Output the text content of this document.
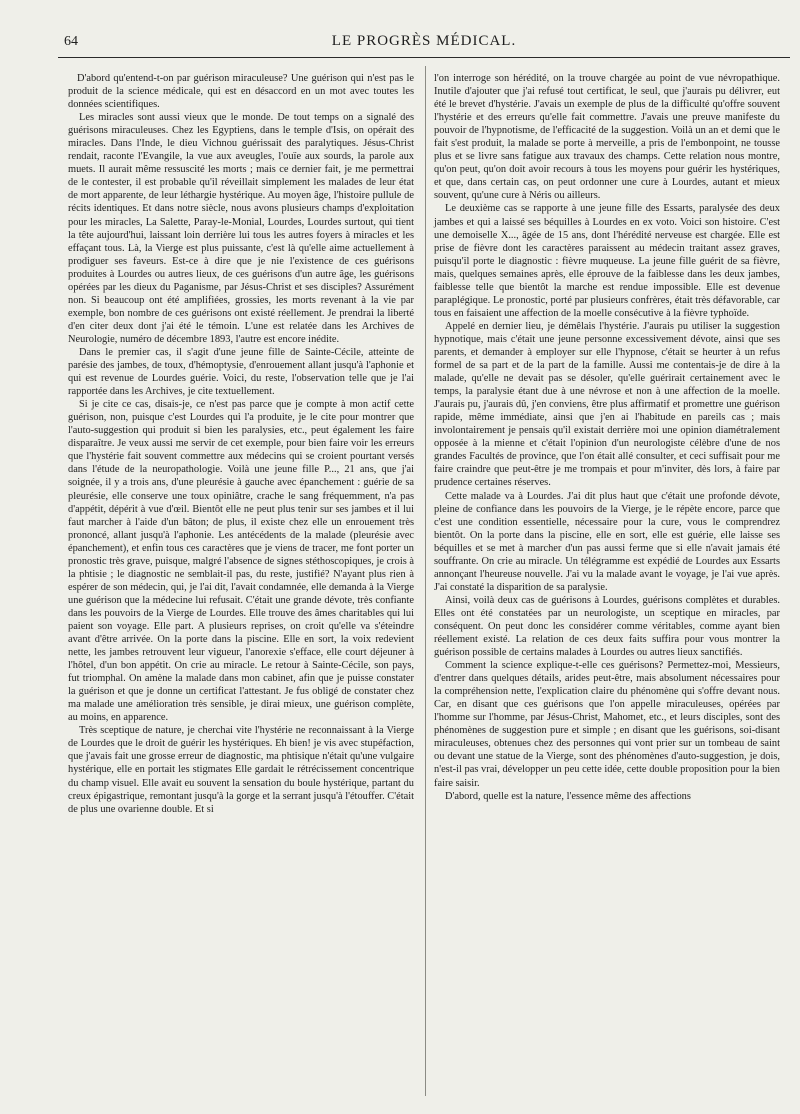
64	LE PROGRÈS MÉDICAL.

D'abord qu'entend-t-on par guérison miraculeuse? Une guérison qui n'est pas le produit de la science médicale, qui est en désaccord en un mot avec toutes les données scientifiques.

Les miracles sont aussi vieux que le monde. De tout temps on a signalé des guérisons miraculeuses. Chez les Egyptiens, dans le temple d'Isis, on opérait des miracles. Dans l'Inde, le dieu Vichnou guérissait des paralytiques. Jésus-Christ rendait, raconte l'Evangile, la vue aux aveugles, l'ouïe aux sourds, la parole aux muets. Il aurait même ressuscité les morts ; mais ce dernier fait, je me permettrai de le contester, il est probable qu'il réveillait simplement les malades de leur état de mort apparente, de leur léthargie hystérique. Au moyen âge, l'histoire pullule de récits identiques. Et dans notre siècle, nous avons plusieurs champs d'exploitation pour les miracles, La Salette, Paray-le-Monial, Lourdes, Lourdes surtout, qui tient la tête aujourd'hui, laissant loin derrière lui tous les autres foyers à miracles et les effaçant tous. Là, la Vierge est plus puissante, c'est là qu'elle aime actuellement à prodiguer ses faveurs. Est-ce à dire que je nie l'existence de ces guérisons produites à Lourdes ou autres lieux, de ces guérisons d'un autre âge, les guérisons opérées par les dieux du Paganisme, par Jésus-Christ et ses disciples? Assurément non. Si beaucoup ont été amplifiées, grossies, les morts revenant à la vie par exemple, bon nombre de ces guérisons ont existé réellement. Je prendrai la liberté d'en citer deux dont j'ai été le témoin. L'une est relatée dans les Archives de Neurologie, numéro de décembre 1893, l'autre est encore inédite.

Dans le premier cas, il s'agit d'une jeune fille de Sainte-Cécile, atteinte de parésie des jambes, de toux, d'hémoptysie, d'enrouement allant jusqu'à l'aphonie et qui est revenue de Lourdes guérie. Voici, du reste, l'observation telle que je l'ai rapportée dans les Archives, je cite textuellement.

Si je cite ce cas, disais-je, ce n'est pas parce que je compte à mon actif cette guérison, non, puisque c'est Lourdes qui l'a produite, je le cite pour montrer que l'auto-suggestion qui produit si bien les paralysies, etc., peut également les faire disparaître. Je veux aussi me servir de cet exemple, pour bien faire voir les erreurs que l'hystérie fait souvent commettre aux médecins qui se croient pourtant versés dans l'étude de la neuropathologie. Voilà une jeune fille P..., 21 ans, que j'ai soignée, il y a trois ans, d'une pleurésie à gauche avec épanchement : guérie de sa pleurésie, elle conserve une toux opiniâtre, crache le sang fréquemment, n'a pas d'appétit, dépérit à vue d'œil. Bientôt elle ne peut plus tenir sur ses jambes et il lui faut marcher à l'aide d'un bâton; de plus, il existe chez elle un enrouement très prononcé, allant jusqu'à l'aphonie. Les antécédents de la malade (pleurésie avec épanchement), et enfin tous ces caractères que je viens de tracer, me font porter un pronostic très grave, puisque, malgré l'absence de signes stéthoscopiques, je crois à la phtisie ; le diagnostic ne semblait-il pas, du reste, justifié? N'ayant plus rien à espérer de son médecin, qui, je l'ai dit, l'avait condamnée, elle demanda à la Vierge une guérison que la médecine lui refusait. C'était une grande dévote, très confiante dans les pouvoirs de la Vierge de Lourdes. Elle trouve des âmes charitables qui lui paient son voyage. Elle part. A plusieurs reprises, on croit qu'elle va s'éteindre avant d'être arrivée. On la porte dans la piscine. Elle en sort, la voix redevient nette, les jambes retrouvent leur vigueur, l'anorexie s'efface, elle court déjeuner à l'hôtel, d'un bon appétit. On crie au miracle. Le retour à Sainte-Cécile, son pays, fut triomphal. On amène la malade dans mon cabinet, afin que je puisse constater la guérison et que je donne un certificat l'attestant. Je fus obligé de constater chez ma malade une amélioration très sensible, je dirai mieux, une guérison complète, au moins, en apparence.

Très sceptique de nature, je cherchai vite l'hystérie ne reconnaissant à la Vierge de Lourdes que le droit de guérir les hystériques. Eh bien! je vis avec stupéfaction, que j'avais fait une grosse erreur de diagnostic, ma phtisique n'était qu'une vulgaire hystérique, elle en portait les stigmates Elle gardait le rétrécissement concentrique du champ visuel. Elle avait eu souvent la sensation du boule hystérique, partant du creux épigastrique, remontant jusqu'à la gorge et la serrant jusqu'à l'étouffer. C'était de plus une ovarienne double. Et si

l'on interroge son hérédité, on la trouve chargée au point de vue névropathique. Inutile d'ajouter que j'ai refusé tout certificat, le seul, que j'aurais pu délivrer, eut été le brevet d'hystérie. J'avais un exemple de plus de la difficulté qu'offre souvent l'hystérie et des erreurs qu'elle fait commettre. J'avais une preuve manifeste du pouvoir de l'hypnotisme, de l'efficacité de la suggestion. Voilà un an et demi que le fait s'est produit, la malade se porte à merveille, a pris de l'embonpoint, ne tousse plus et se livre sans fatigue aux travaux des champs. Cette relation nous montre, qu'on peut, qu'on doit avoir recours à tous les moyens pour guérir les hystériques, et que, dans certain cas, on peut ordonner une cure à Lourdes, autant et mieux souvent, qu'une cure à Néris ou ailleurs.

Le deuxième cas se rapporte à une jeune fille des Essarts, paralysée des deux jambes et qui a laissé ses béquilles à Lourdes en ex voto. Voici son histoire. C'est une demoiselle X..., âgée de 15 ans, dont l'hérédité nerveuse est chargée. Elle est prise de fièvre dont les caractères paraissent au médecin traitant assez graves, puisqu'il porte le diagnostic : fièvre muqueuse. La jeune fille guérit de sa fièvre, mais, quelques semaines après, elle éprouve de la faiblesse dans les deux jambes, faiblesse telle que bientôt la marche est rendue impossible. Elle est devenue paraplégique. Le pronostic, porté par plusieurs confrères, était très défavorable, car tous en faisaient une affection de la moelle consécutive à la fièvre typhoïde.

Appelé en dernier lieu, je démêlais l'hystérie. J'aurais pu utiliser la suggestion hypnotique, mais c'était une jeune personne excessivement dévote, ainsi que ses parents, et demander à employer sur elle l'hypnose, c'était se heurter à un refus formel de sa part et de la part de la famille. Aussi me contentais-je de dire à la malade, qu'elle ne devait pas se désoler, qu'elle guérirait certainement avec le temps, la paralysie étant due à une névrose et non à une affection de la moelle. J'aurais pu, j'aurais dû, j'en conviens, être plus affirmatif et promettre une guérison rapide, même immédiate, ainsi que j'en ai l'habitude en pareils cas ; mais involontairement je pensais qu'il existait derrière moi une opinion diamétralement opposée à la mienne et c'était l'opinion d'un neurologiste célèbre d'une de nos grandes Facultés de province, que l'on était allé consulter, et ceci suffisait pour me faire craindre que peut-être je me trompais et pour m'inviter, dès lors, à faire par prudence certaines réserves.

Cette malade va à Lourdes. J'ai dit plus haut que c'était une profonde dévote, pleine de confiance dans les pouvoirs de la Vierge, je le répète encore, parce que c'est une condition essentielle, nécessaire pour la cure, vous le comprendrez bientôt. On la porte dans la piscine, elle en sort, elle est guérie, elle laisse ses béquilles et se met à marcher d'un pas aussi ferme que si elle n'avait jamais été souffrante. On crie au miracle. Un télégramme est expédié de Lourdes aux Essarts annonçant l'heureuse nouvelle. J'ai vu la malade avant le voyage, je l'ai vue après. J'ai constaté la disparition de sa paralysie.

Ainsi, voilà deux cas de guérisons à Lourdes, guérisons complètes et durables. Elles ont été constatées par un neurologiste, un sceptique en miracles, par conséquent. On peut donc les considérer comme véritables, comme ayant bien réellement existé. La relation de ces deux faits suffira pour vous montrer la guérison possible de certains malades à Lourdes ou autres lieux sanctifiés.

Comment la science explique-t-elle ces guérisons? Permettez-moi, Messieurs, d'entrer dans quelques détails, arides peut-être, mais absolument nécessaires pour la compréhension nette, l'explication claire du phénomène qui s'offre devant nous. Car, en disant que ces guérisons que l'on appelle miraculeuses, opérées par l'homme sur l'homme, par Jésus-Christ, Mahomet, etc., et leurs disciples, sont des phénomènes de suggestion pure et simple ; en disant que les guérisons, soi-disant miraculeuses, obtenues chez des personnes qui vont prier sur un tombeau de saint ou devant une statue de la Vierge, sont des phénomènes d'auto-suggestion, je dois, n'est-il pas vrai, développer un peu cette idée, cette double proposition pour la bien faire saisir.

D'abord, quelle est la nature, l'essence même des affections
